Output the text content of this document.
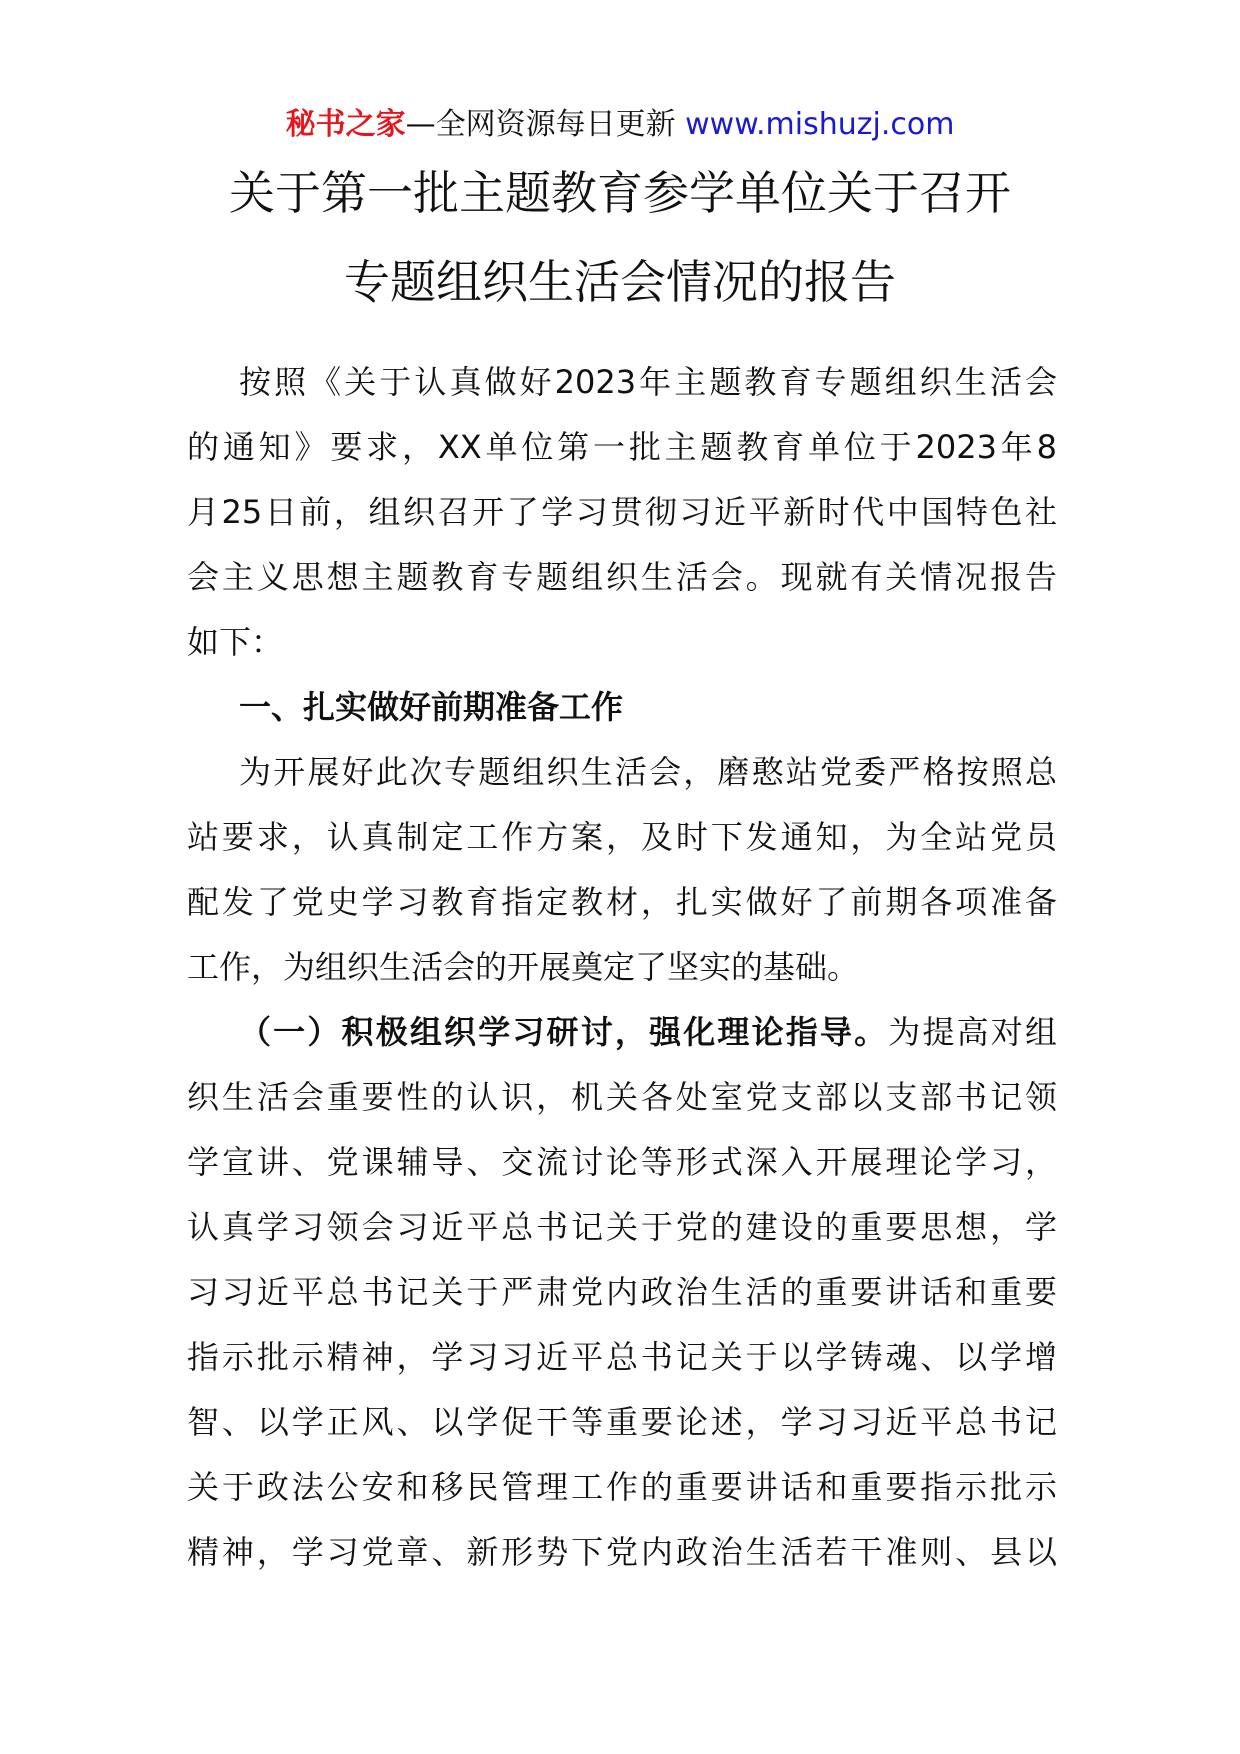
秘书之家—全网资源每日更新 www.mishuzj.com
关于第一批主题教育参学单位关于召开
专题组织生活会情况的报告
按照《关于认真做好2023年主题教育专题组织生活会
的通知》要求，XX单位第一批主题教育单位于2023年8
月25日前，组织召开了学习贯彻习近平新时代中国特色社
会主义思想主题教育专题组织生活会。现就有关情况报告
如下：
一、扎实做好前期准备工作
为开展好此次专题组织生活会，磨憨站党委严格按照总
站要求，认真制定工作方案，及时下发通知，为全站党员
配发了党史学习教育指定教材，扎实做好了前期各项准备
工作，为组织生活会的开展奠定了坚实的基础。
（一）积极组织学习研讨，强化理论指导。为提高对组
织生活会重要性的认识，机关各处室党支部以支部书记领
学宣讲、党课辅导、交流讨论等形式深入开展理论学习，
认真学习领会习近平总书记关于党的建设的重要思想，学
习习近平总书记关于严肃党内政治生活的重要讲话和重要
指示批示精神，学习习近平总书记关于以学铸魂、以学增
智、以学正风、以学促干等重要论述，学习习近平总书记
关于政法公安和移民管理工作的重要讲话和重要指示批示
精神，学习党章、新形势下党内政治生活若干准则、县以
